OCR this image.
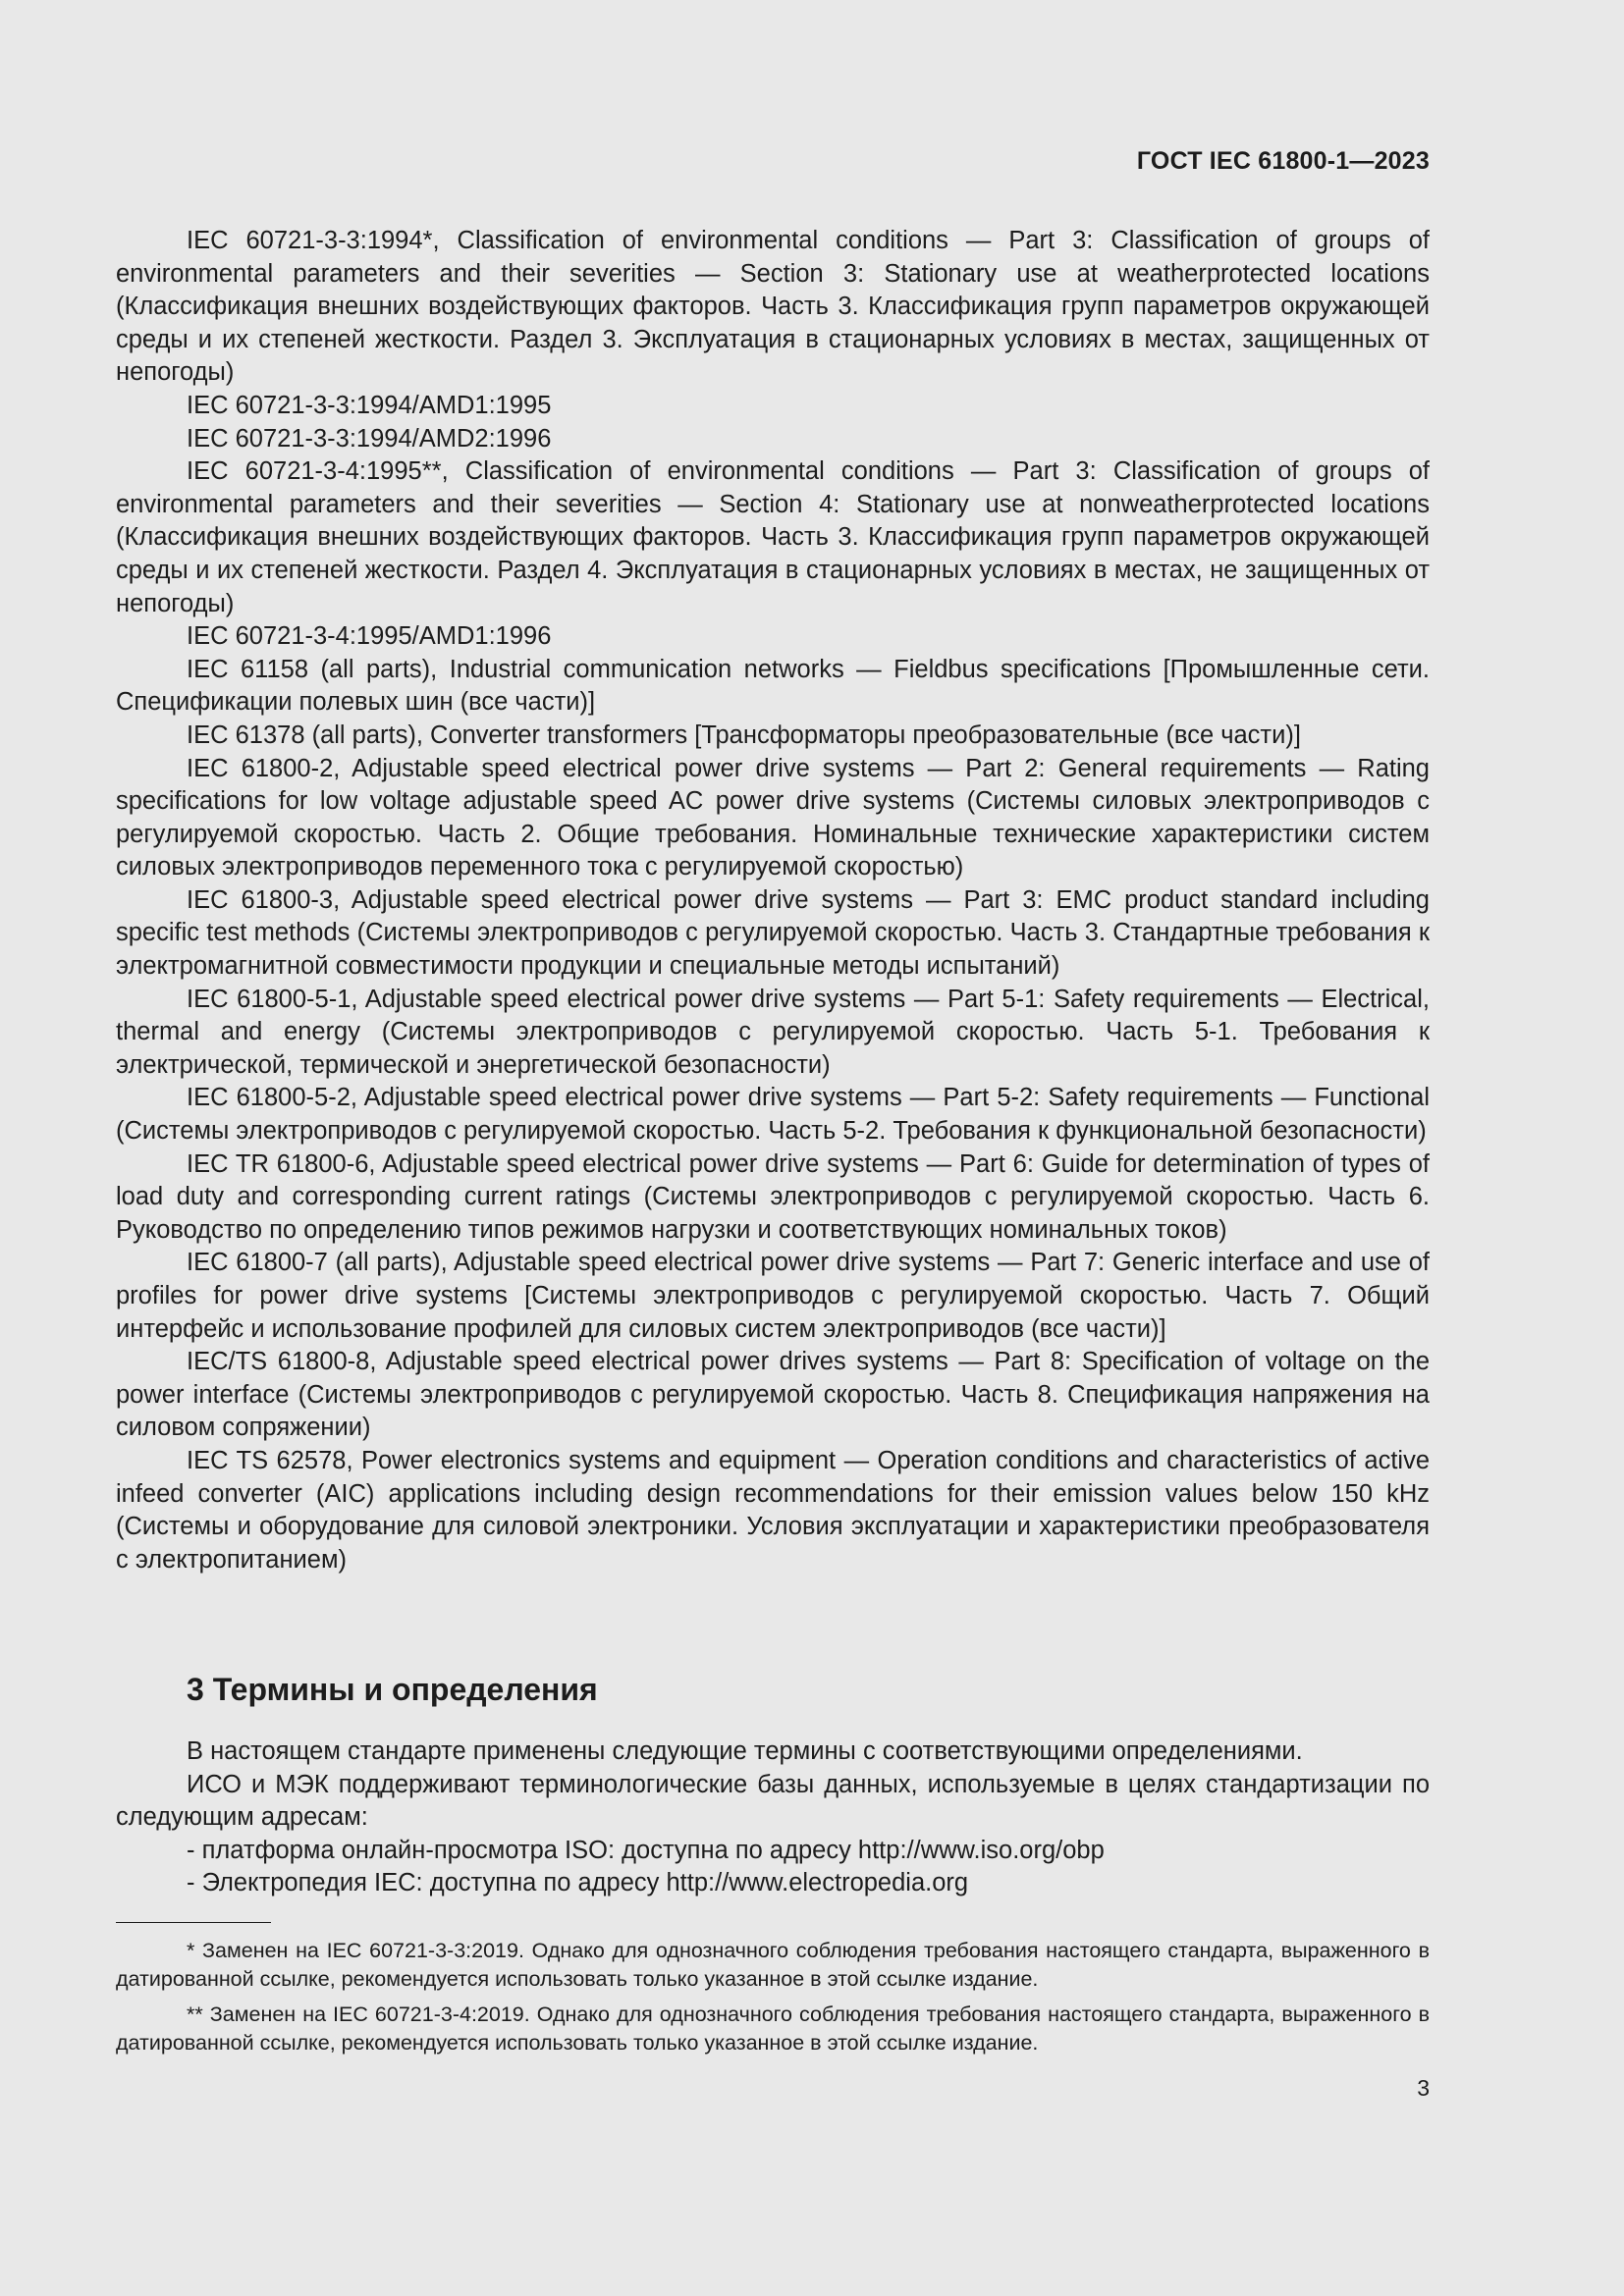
ГОСТ IEC 61800-1—2023

IEC 60721-3-3:1994*, Classification of environmental conditions — Part 3: Classification of groups of environmental parameters and their severities — Section 3: Stationary use at weatherprotected locations (Классификация внешних воздействующих факторов. Часть 3. Классификация групп параметров окружающей среды и их степеней жесткости. Раздел 3. Эксплуатация в стационарных условиях в местах, защищенных от непогоды)

IEC 60721-3-3:1994/AMD1:1995

IEC 60721-3-3:1994/AMD2:1996

IEC 60721-3-4:1995**, Classification of environmental conditions — Part 3: Classification of groups of environmental parameters and their severities — Section 4: Stationary use at nonweatherprotected locations (Классификация внешних воздействующих факторов. Часть 3. Классификация групп параметров окружающей среды и их степеней жесткости. Раздел 4. Эксплуатация в стационарных условиях в местах, не защищенных от непогоды)

IEC 60721-3-4:1995/AMD1:1996

IEC 61158 (all parts), Industrial communication networks — Fieldbus specifications [Промышленные сети. Спецификации полевых шин (все части)]

IEC 61378 (all parts), Converter transformers [Трансформаторы преобразовательные (все части)]

IEC 61800-2, Adjustable speed electrical power drive systems — Part 2: General requirements — Rating specifications for low voltage adjustable speed AC power drive systems (Системы силовых электроприводов с регулируемой скоростью. Часть 2. Общие требования. Номинальные технические характеристики систем силовых электроприводов переменного тока с регулируемой скоростью)

IEC 61800-3, Adjustable speed electrical power drive systems — Part 3: EMC product standard including specific test methods (Системы электроприводов с регулируемой скоростью. Часть 3. Стандартные требования к электромагнитной совместимости продукции и специальные методы испытаний)

IEC 61800-5-1, Adjustable speed electrical power drive systems — Part 5-1: Safety requirements — Electrical, thermal and energy (Системы электроприводов с регулируемой скоростью. Часть 5-1. Требования к электрической, термической и энергетической безопасности)

IEC 61800-5-2, Adjustable speed electrical power drive systems — Part 5-2: Safety requirements — Functional (Системы электроприводов с регулируемой скоростью. Часть 5-2. Требования к функциональной безопасности)

IEC TR 61800-6, Adjustable speed electrical power drive systems — Part 6: Guide for determination of types of load duty and corresponding current ratings (Системы электроприводов с регулируемой скоростью. Часть 6. Руководство по определению типов режимов нагрузки и соответствующих номинальных токов)

IEC 61800-7 (all parts), Adjustable speed electrical power drive systems — Part 7: Generic interface and use of profiles for power drive systems [Системы электроприводов с регулируемой скоростью. Часть 7. Общий интерфейс и использование профилей для силовых систем электроприводов (все части)]

IEC/TS 61800-8, Adjustable speed electrical power drives systems — Part 8: Specification of voltage on the power interface (Системы электроприводов с регулируемой скоростью. Часть 8. Спецификация напряжения на силовом сопряжении)

IEC TS 62578, Power electronics systems and equipment — Operation conditions and characteristics of active infeed converter (AIC) applications including design recommendations for their emission values below 150 kHz (Системы и оборудование для силовой электроники. Условия эксплуатации и характеристики преобразователя с электропитанием)

3 Термины и определения

В настоящем стандарте применены следующие термины с соответствующими определениями.

ИСО и МЭК поддерживают терминологические базы данных, используемые в целях стандартизации по следующим адресам:

- платформа онлайн-просмотра ISO: доступна по адресу http://www.iso.org/obp

- Электропедия IEC: доступна по адресу http://www.electropedia.org

* Заменен на IEC 60721-3-3:2019. Однако для однозначного соблюдения требования настоящего стандарта, выраженного в датированной ссылке, рекомендуется использовать только указанное в этой ссылке издание.

** Заменен на IEC 60721-3-4:2019. Однако для однозначного соблюдения требования настоящего стандарта, выраженного в датированной ссылке, рекомендуется использовать только указанное в этой ссылке издание.

3
